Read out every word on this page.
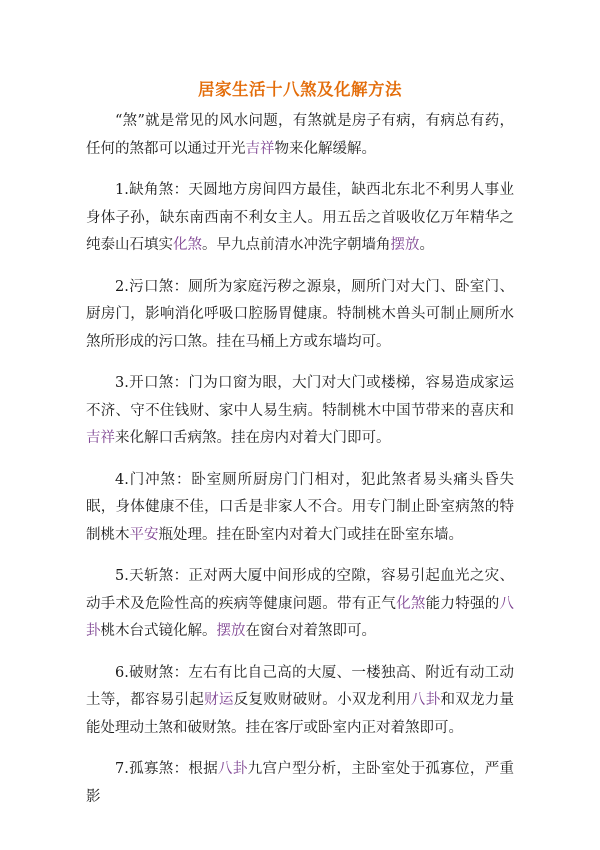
居家生活十八煞及化解方法

“煞”就是常见的风水问题，有煞就是房子有病，有病总有药，任何的煞都可以通过开光吉祥物来化解缓解。

1.缺角煞：天圆地方房间四方最佳，缺西北东北不利男人事业身体子孙，缺东南西南不利女主人。用五岳之首吸收亿万年精华之纯泰山石填实化煞。早九点前清水冲洗字朝墙角摆放。

2.污口煞：厕所为家庭污秽之源泉，厕所门对大门、卧室门、厨房门，影响消化呼吸口腔肠胃健康。特制桃木兽头可制止厕所水煞所形成的污口煞。挂在马桶上方或东墙均可。

3.开口煞：门为口窗为眼，大门对大门或楼梯，容易造成家运不济、守不住钱财、家中人易生病。特制桃木中国节带来的喜庆和吉祥来化解口舌病煞。挂在房内对着大门即可。

4.门冲煞：卧室厕所厨房门门相对，犯此煞者易头痛头昏失眠，身体健康不佳，口舌是非家人不合。用专门制止卧室病煞的特制桃木平安瓶处理。挂在卧室内对着大门或挂在卧室东墙。

5.天斩煞：正对两大厦中间形成的空隙，容易引起血光之灾、动手术及危险性高的疾病等健康问题。带有正气化煞能力特强的八卦桃木台式镜化解。摆放在窗台对着煞即可。

6.破财煞：左右有比自己高的大厦、一楼独高、附近有动工动土等，都容易引起财运反复败财破财。小双龙利用八卦和双龙力量能处理动土煞和破财煞。挂在客厅或卧室内正对着煞即可。

7.孤寡煞：根据八卦九宫户型分析，主卧室处于孤寡位，严重影
